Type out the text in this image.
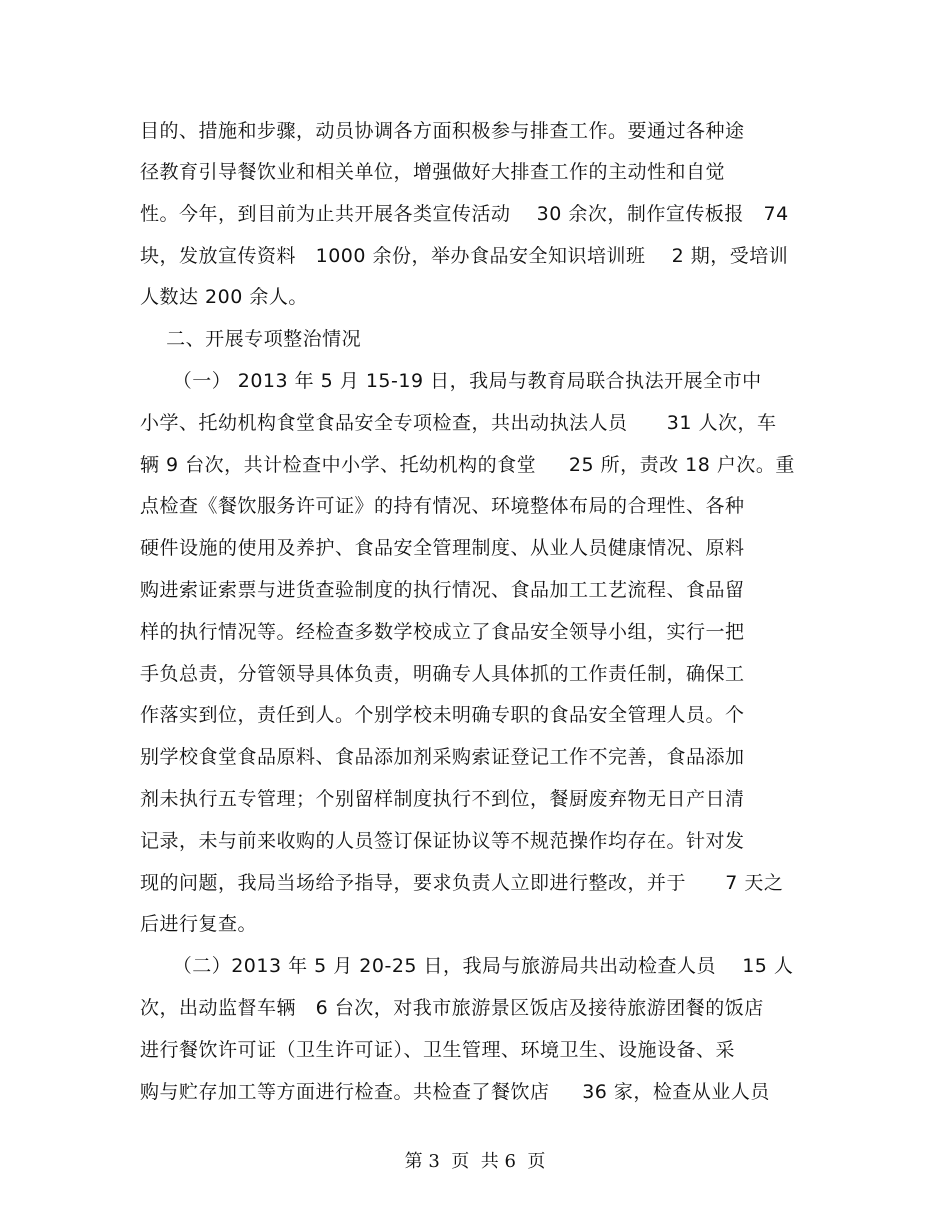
目的、措施和步骤，动员协调各方面积极参与排查工作。要通过各种途
径教育引导餐饮业和相关单位，增强做好大排查工作的主动性和自觉
性。今年，到目前为止共开展各类宣传活动    30 余次，制作宣传板报   74
块，发放宣传资料   1000 余份，举办食品安全知识培训班    2 期，受培训
人数达 200 余人。
二、开展专项整治情况
（一） 2013 年 5 月 15-19 日，我局与教育局联合执法开展全市中
小学、托幼机构食堂食品安全专项检查，共出动执法人员      31 人次，车
辆 9 台次，共计检查中小学、托幼机构的食堂     25 所，责改 18 户次。重
点检查《餐饮服务许可证》的持有情况、环境整体布局的合理性、各种
硬件设施的使用及养护、食品安全管理制度、从业人员健康情况、原料
购进索证索票与进货查验制度的执行情况、食品加工工艺流程、食品留
样的执行情况等。经检查多数学校成立了食品安全领导小组，实行一把
手负总责，分管领导具体负责，明确专人具体抓的工作责任制，确保工
作落实到位，责任到人。个别学校未明确专职的食品安全管理人员。个
别学校食堂食品原料、食品添加剂采购索证登记工作不完善，食品添加
剂未执行五专管理；个别留样制度执行不到位，餐厨废弃物无日产日清
记录，未与前来收购的人员签订保证协议等不规范操作均存在。针对发
现的问题，我局当场给予指导，要求负责人立即进行整改，并于      7 天之
后进行复查。
（二）2013 年 5 月 20-25 日，我局与旅游局共出动检查人员    15 人
次，出动监督车辆   6 台次，对我市旅游景区饭店及接待旅游团餐的饭店
进行餐饮许可证（卫生许可证）、卫生管理、环境卫生、设施设备、采
购与贮存加工等方面进行检查。共检查了餐饮店     36 家，检查从业人员
第 3  页  共 6  页
